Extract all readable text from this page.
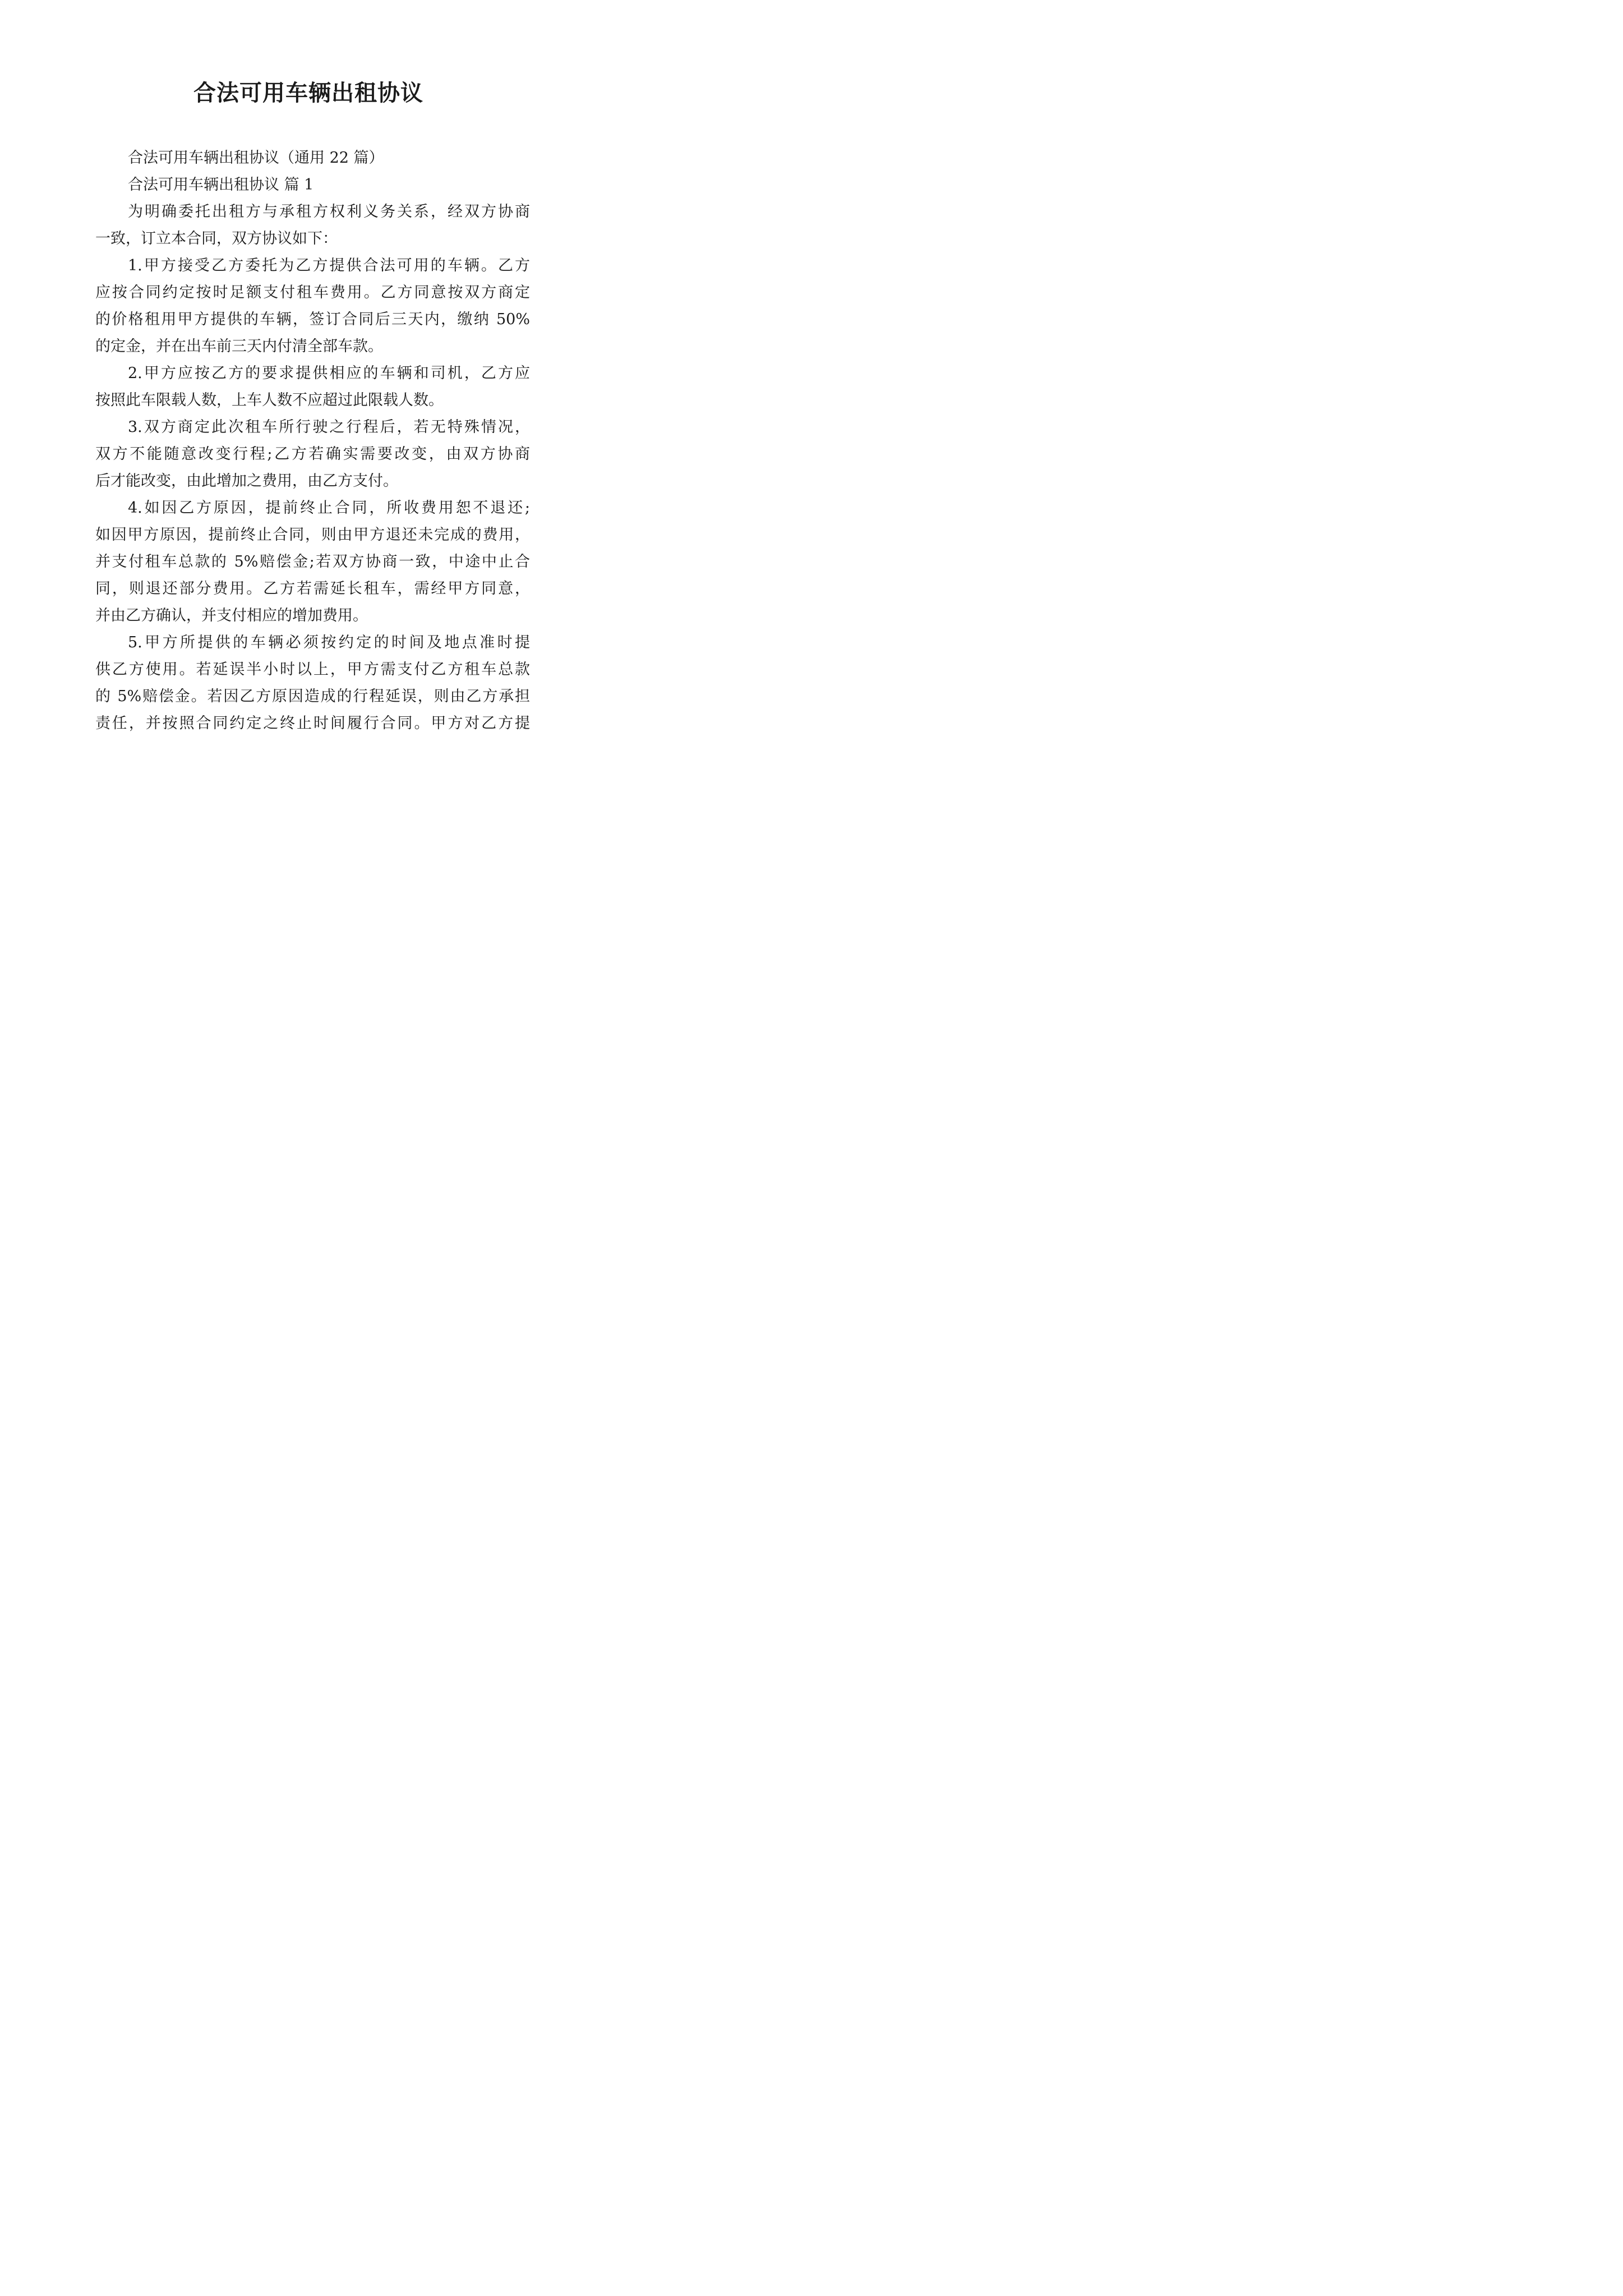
合法可用车辆出租协议

合法可用车辆出租协议（通用 22 篇）

合法可用车辆出租协议 篇 1

为明确委托出租方与承租方权利义务关系，经双方协商

一致，订立本合同，双方协议如下：

1.甲方接受乙方委托为乙方提供合法可用的车辆。乙方

应按合同约定按时足额支付租车费用。乙方同意按双方商定

的价格租用甲方提供的车辆，签订合同后三天内，缴纳 50%

的定金，并在出车前三天内付清全部车款。

2.甲方应按乙方的要求提供相应的车辆和司机，乙方应

按照此车限载人数，上车人数不应超过此限载人数。

3.双方商定此次租车所行驶之行程后，若无特殊情况，

双方不能随意改变行程;乙方若确实需要改变，由双方协商

后才能改变，由此增加之费用，由乙方支付。

4.如因乙方原因，提前终止合同，所收费用恕不退还;

如因甲方原因，提前终止合同，则由甲方退还未完成的费用，

并支付租车总款的 5%赔偿金;若双方协商一致，中途中止合

同，则退还部分费用。乙方若需延长租车，需经甲方同意，

并由乙方确认，并支付相应的增加费用。

5.甲方所提供的车辆必须按约定的时间及地点准时提

供乙方使用。若延误半小时以上，甲方需支付乙方租车总款

的 5%赔偿金。若因乙方原因造成的行程延误，则由乙方承担

责任，并按照合同约定之终止时间履行合同。甲方对乙方提
